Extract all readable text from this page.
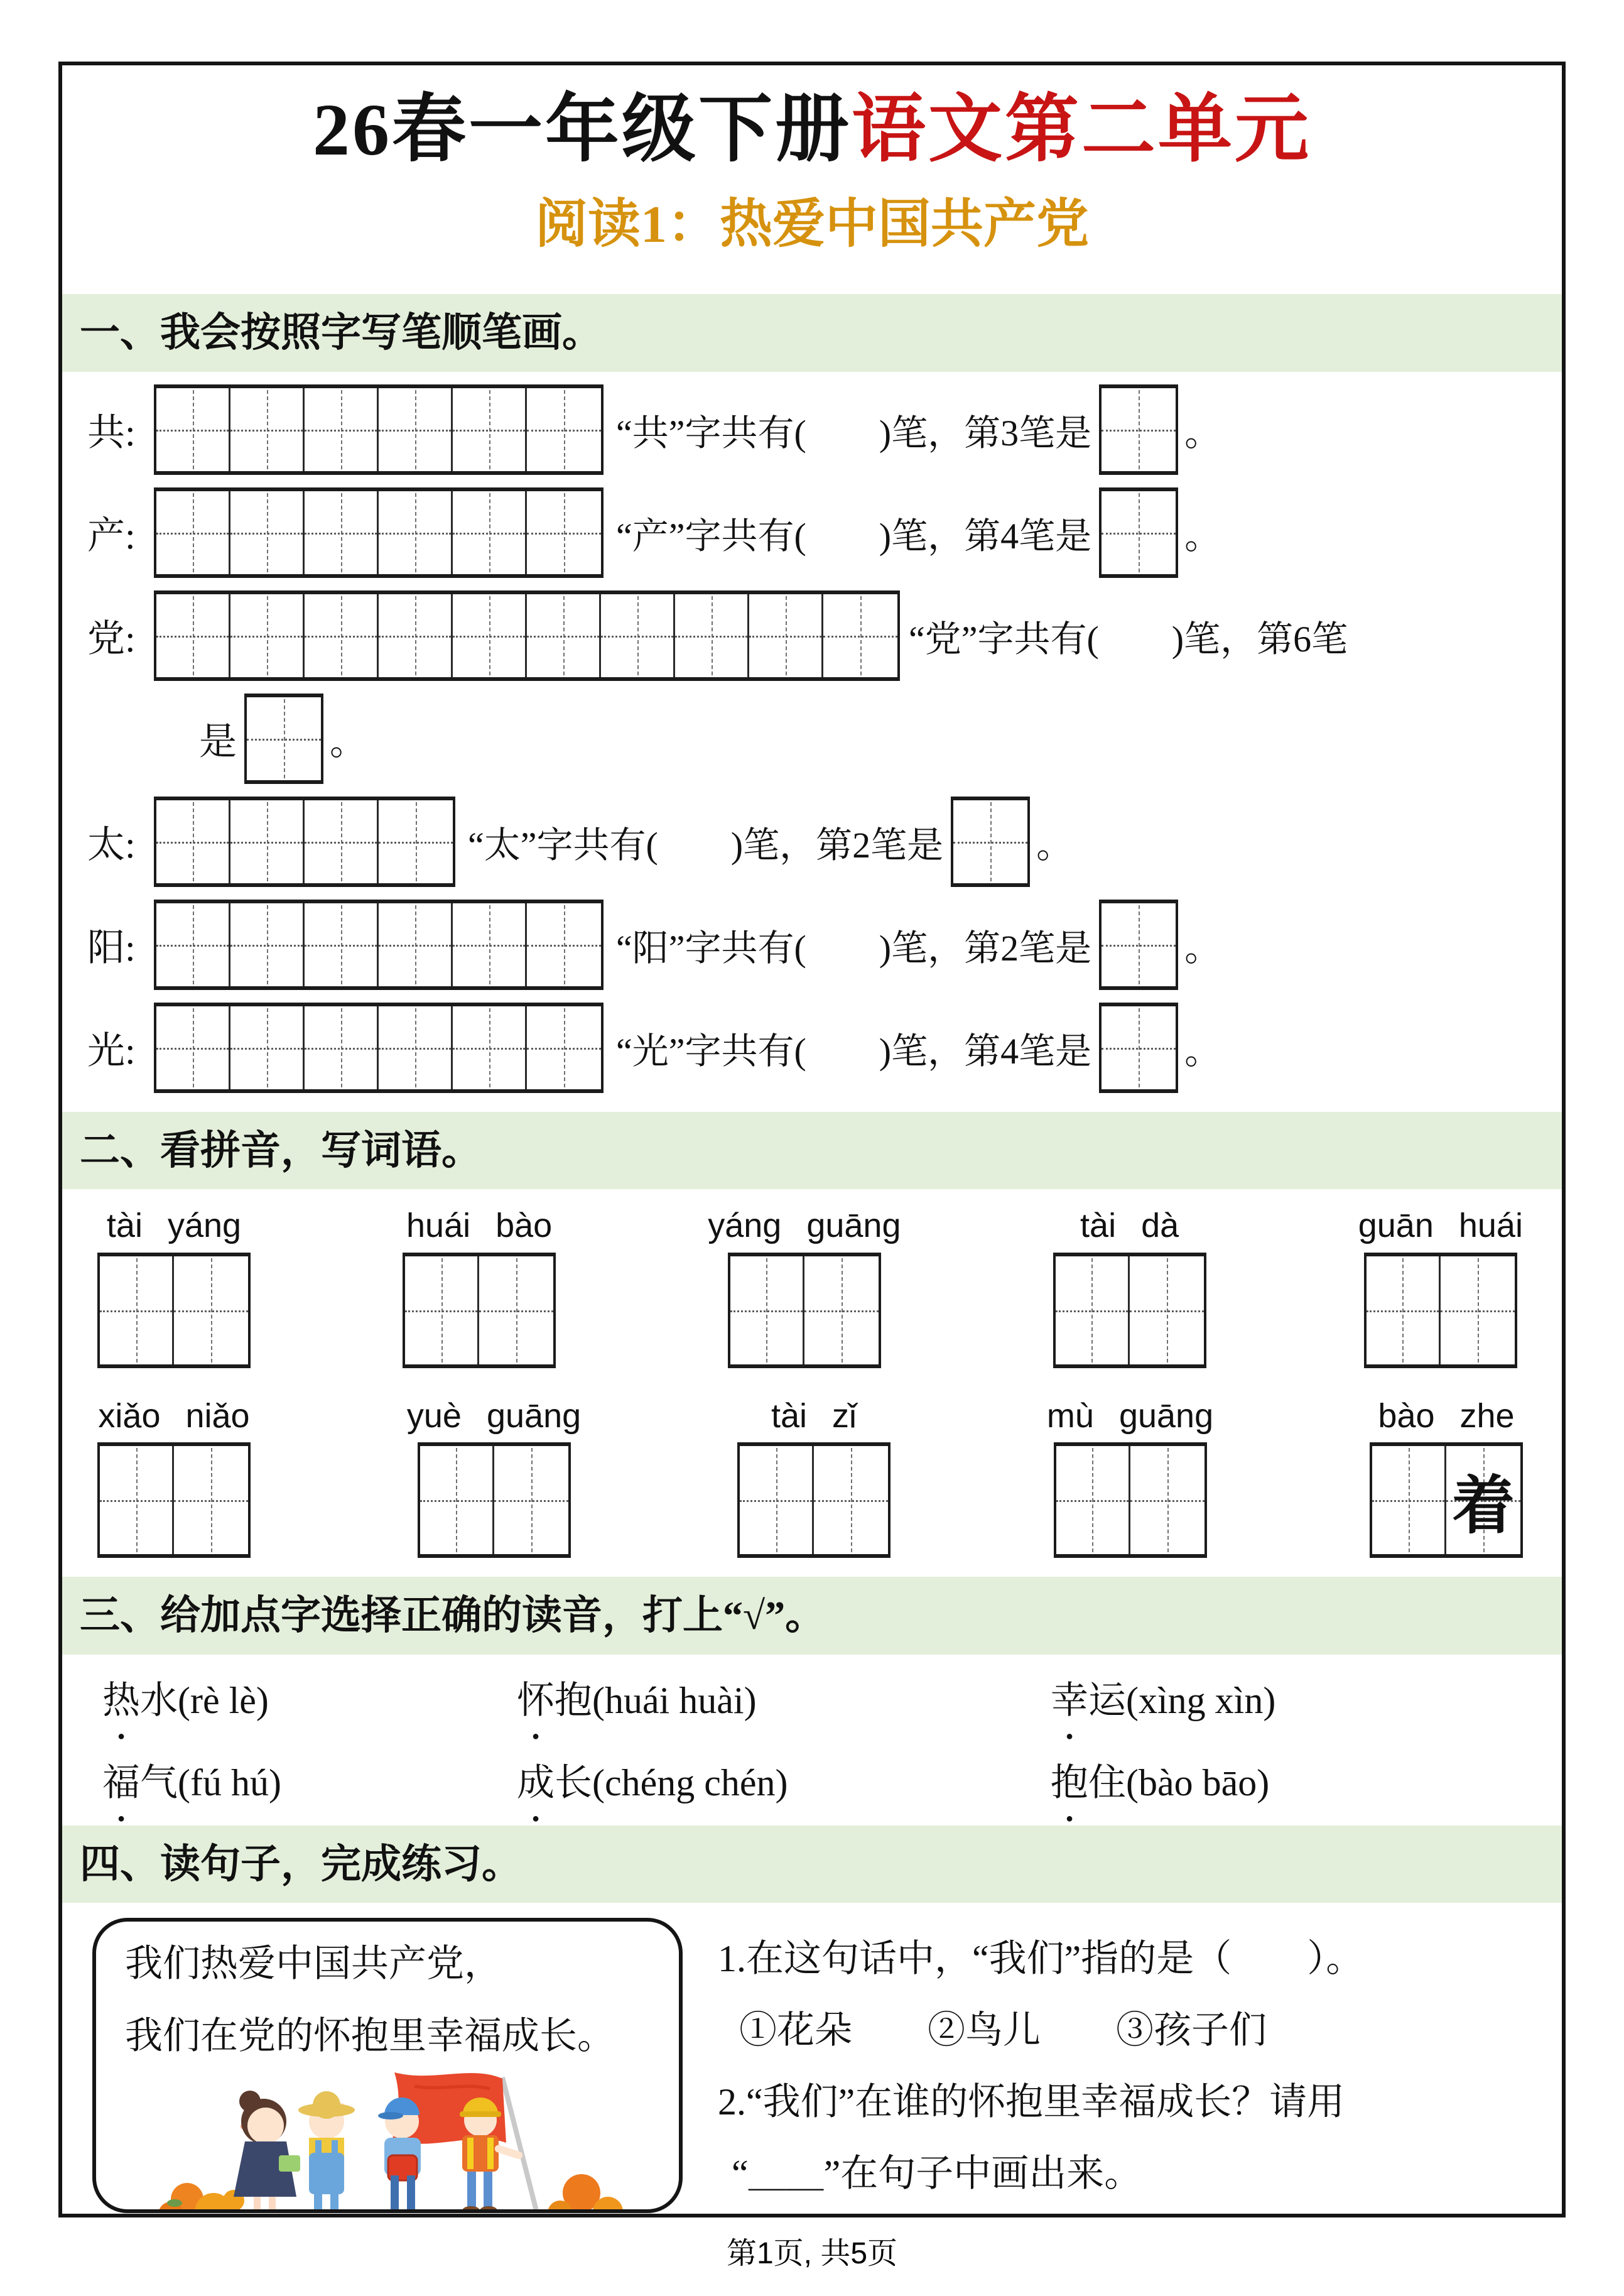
26春一年级下册语文第二单元
阅读1：热爱中国共产党
一、我会按照字写笔顺笔画。
共:	“共”字共有(　　)笔，第3笔是	。
产:	“产”字共有(　　)笔，第4笔是	。
党:	“党”字共有(　　)笔，第6笔
是	。
太:	“太”字共有(　　)笔，第2笔是	。
阳:	“阳”字共有(　　)笔，第2笔是	。
光:	“光”字共有(　　)笔，第4笔是	。
二、看拼音，写词语。
tài yáng	huái bào	yáng guāng	tài dà	guān huái
xiǎo niǎo	yuè guāng	tài zǐ	mù guāng	bào zhe
着
三、给加点字选择正确的读音，打上“√”。
热 ●水(rè lè)	怀 ●抱(huái huài)	幸 ●运(xìng xìn)
福 ●气(fú hú)	成 ●长(chéng chén)	抱 ●住(bào bāo)
四、读句子，完成练习。
我们热爱中国共产党，
我们在党的怀抱里幸福成长。
1.在这句话中，“我们”指的是（　　）。
①花朵　　②鸟儿　　③孩子们
2.“我们”在谁的怀抱里幸福成长？请用
“＿＿”在句子中画出来。
第1页, 共5页
